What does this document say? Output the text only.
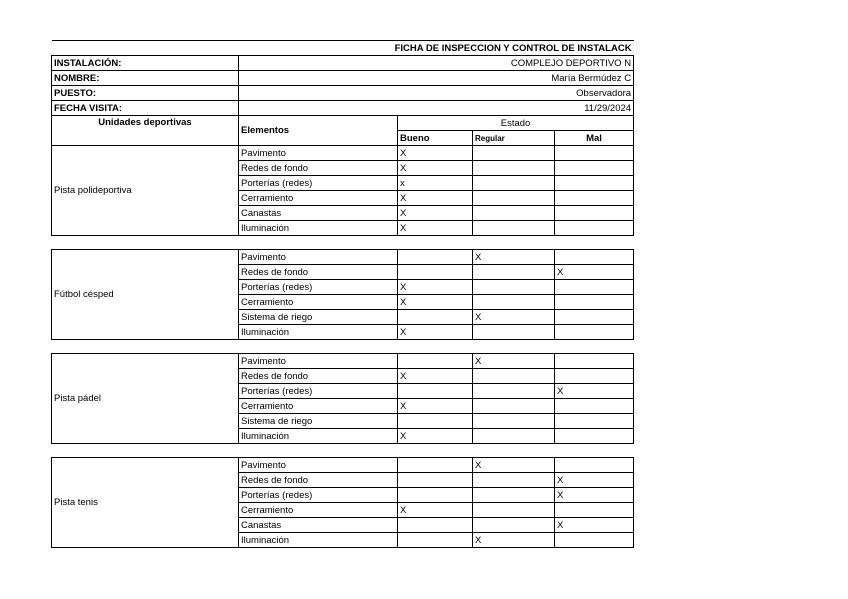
FICHA DE INSPECCION Y CONTROL DE INSTALACK				
INSTALACIÓN:	COMPLEJO DEPORTIVO N			
NOMBRE:	María Bermúdez C			
PUESTO:	Observadora			
FECHA VISITA:	11/29/2024			
Unidades deportivas	Elementos	Estado		
		Bueno	Regular	Mal
Pista polideportiva	Pavimento	X		
	Redes de fondo	X		
	Porterías (redes)	x		
	Cerramiento	X		
	Canastas	X		
	Iluminación	X		

Fútbol césped	Pavimento		X	
	Redes de fondo			X
	Porterías (redes)	X		
	Cerramiento	X		
	Sistema de riego		X	
	Iluminación	X		

Pista pádel	Pavimento		X	
	Redes de fondo	X		
	Porterías (redes)			X
	Cerramiento	X		
	Sistema de riego			
	Iluminación	X		

Pista tenis	Pavimento		X	
	Redes de fondo			X
	Porterías (redes)			X
	Cerramiento	X		
	Canastas			X
	Iluminación		X	
